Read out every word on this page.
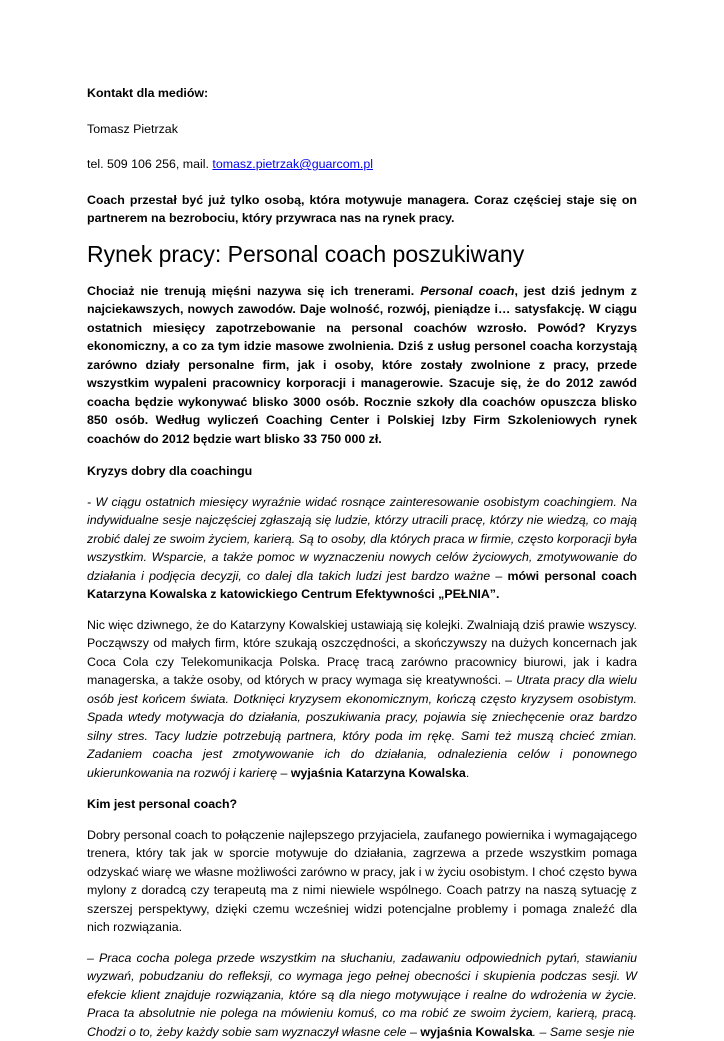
Kontakt dla mediów:

Tomasz Pietrzak

tel. 509 106 256, mail. tomasz.pietrzak@guarcom.pl

Coach przestał być już tylko osobą, która motywuje managera. Coraz częściej staje się on partnerem na bezrobociu, który przywraca nas na rynek pracy.

Rynek pracy: Personal coach poszukiwany

Chociaż nie trenują mięśni nazywa się ich trenerami. Personal coach, jest dziś jednym z najciekawszych, nowych zawodów. Daje wolność, rozwój, pieniądze i… satysfakcję. W ciągu ostatnich miesięcy zapotrzebowanie na personal coachów wzrosło. Powód? Kryzys ekonomiczny, a co za tym idzie masowe zwolnienia. Dziś z usług personel coacha korzystają zarówno działy personalne firm, jak i osoby, które zostały zwolnione z pracy, przede wszystkim wypaleni pracownicy korporacji i managerowie. Szacuje się, że do 2012 zawód coacha będzie wykonywać blisko 3000 osób. Rocznie szkoły dla coachów opuszcza blisko 850 osób. Według wyliczeń Coaching Center i Polskiej Izby Firm Szkoleniowych rynek coachów do 2012 będzie wart blisko 33 750 000 zł.

Kryzys dobry dla coachingu

- W ciągu ostatnich miesięcy wyraźnie widać rosnące zainteresowanie osobistym coachingiem. Na indywidualne sesje najczęściej zgłaszają się ludzie, którzy utracili pracę, którzy nie wiedzą, co mają zrobić dalej ze swoim życiem, karierą. Są to osoby, dla których praca w firmie, często korporacji była wszystkim. Wsparcie, a także pomoc w wyznaczeniu nowych celów życiowych, zmotywowanie do działania i podjęcia decyzji, co dalej dla takich ludzi jest bardzo ważne – mówi personal coach Katarzyna Kowalska z katowickiego Centrum Efektywności „PEŁNIA”.

Nic więc dziwnego, że do Katarzyny Kowalskiej ustawiają się kolejki. Zwalniają dziś prawie wszyscy. Począwszy od małych firm, które szukają oszczędności, a skończywszy na dużych koncernach jak Coca Cola czy Telekomunikacja Polska. Pracę tracą zarówno pracownicy biurowi, jak i kadra managerska, a także osoby, od których w pracy wymaga się kreatywności. – Utrata pracy dla wielu osób jest końcem świata. Dotknięci kryzysem ekonomicznym, kończą często kryzysem osobistym. Spada wtedy motywacja do działania, poszukiwania pracy, pojawia się zniechęcenie oraz bardzo silny stres. Tacy ludzie potrzebują partnera, który poda im rękę. Sami też muszą chcieć zmian. Zadaniem coacha jest zmotywowanie ich do działania, odnalezienia celów i ponownego ukierunkowania na rozwój i karierę – wyjaśnia Katarzyna Kowalska.

Kim jest personal coach?

Dobry personal coach to połączenie najlepszego przyjaciela, zaufanego powiernika i wymagającego trenera, który tak jak w sporcie motywuje do działania, zagrzewa a przede wszystkim pomaga odzyskać wiarę we własne możliwości zarówno w pracy, jak i w życiu osobistym. I choć często bywa mylony z doradcą czy terapeutą ma z nimi niewiele wspólnego. Coach patrzy na naszą sytuację z szerszej perspektywy, dzięki czemu wcześniej widzi potencjalne problemy i pomaga znaleźć dla nich rozwiązania.

– Praca cocha polega przede wszystkim na słuchaniu, zadawaniu odpowiednich pytań, stawianiu wyzwań, pobudzaniu do refleksji, co wymaga jego pełnej obecności i skupienia podczas sesji. W efekcie klient znajduje rozwiązania, które są dla niego motywujące i realne do wdrożenia w życie. Praca ta absolutnie nie polega na mówieniu komuś, co ma robić ze swoim życiem, karierą, pracą. Chodzi o to, żeby każdy sobie sam wyznaczył własne cele – wyjaśnia Kowalska. – Same sesje nie
